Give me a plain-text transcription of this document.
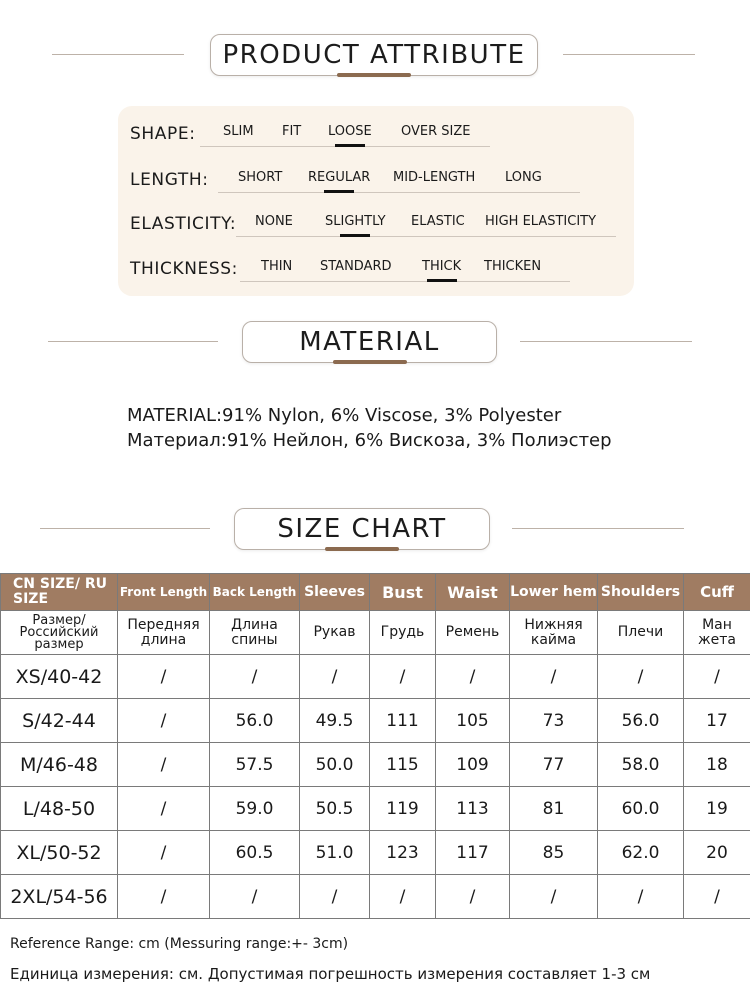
PRODUCT ATTRIBUTE
SHAPE: SLIM FIT LOOSE OVER SIZE
LENGTH: SHORT REGULAR MID-LENGTH LONG
ELASTICITY: NONE SLIGHTLY ELASTIC HIGH ELASTICITY
THICKNESS: THIN STANDARD THICK THICKEN
MATERIAL
MATERIAL:91% Nylon, 6% Viscose, 3% Polyester
Материал:91% Нейлон, 6% Вискоза, 3% Полиэстер
SIZE CHART
CN SIZE/ RU SIZE	Front Length	Back Length	Sleeves	Bust	Waist	Lower hem	Shoulders	Cuff
Размер/ Российский размер	Передняя длина	Длина спины	Рукав	Грудь	Ремень	Нижняя кайма	Плечи	Ман жета
XS/40-42	/	/	/	/	/	/	/	/
S/42-44	/	56.0	49.5	111	105	73	56.0	17
M/46-48	/	57.5	50.0	115	109	77	58.0	18
L/48-50	/	59.0	50.5	119	113	81	60.0	19
XL/50-52	/	60.5	51.0	123	117	85	62.0	20
2XL/54-56	/	/	/	/	/	/	/	/
Reference Range: cm (Messuring range:+- 3cm)
Единица измерения: см. Допустимая погрешность измерения составляет 1-3 см
